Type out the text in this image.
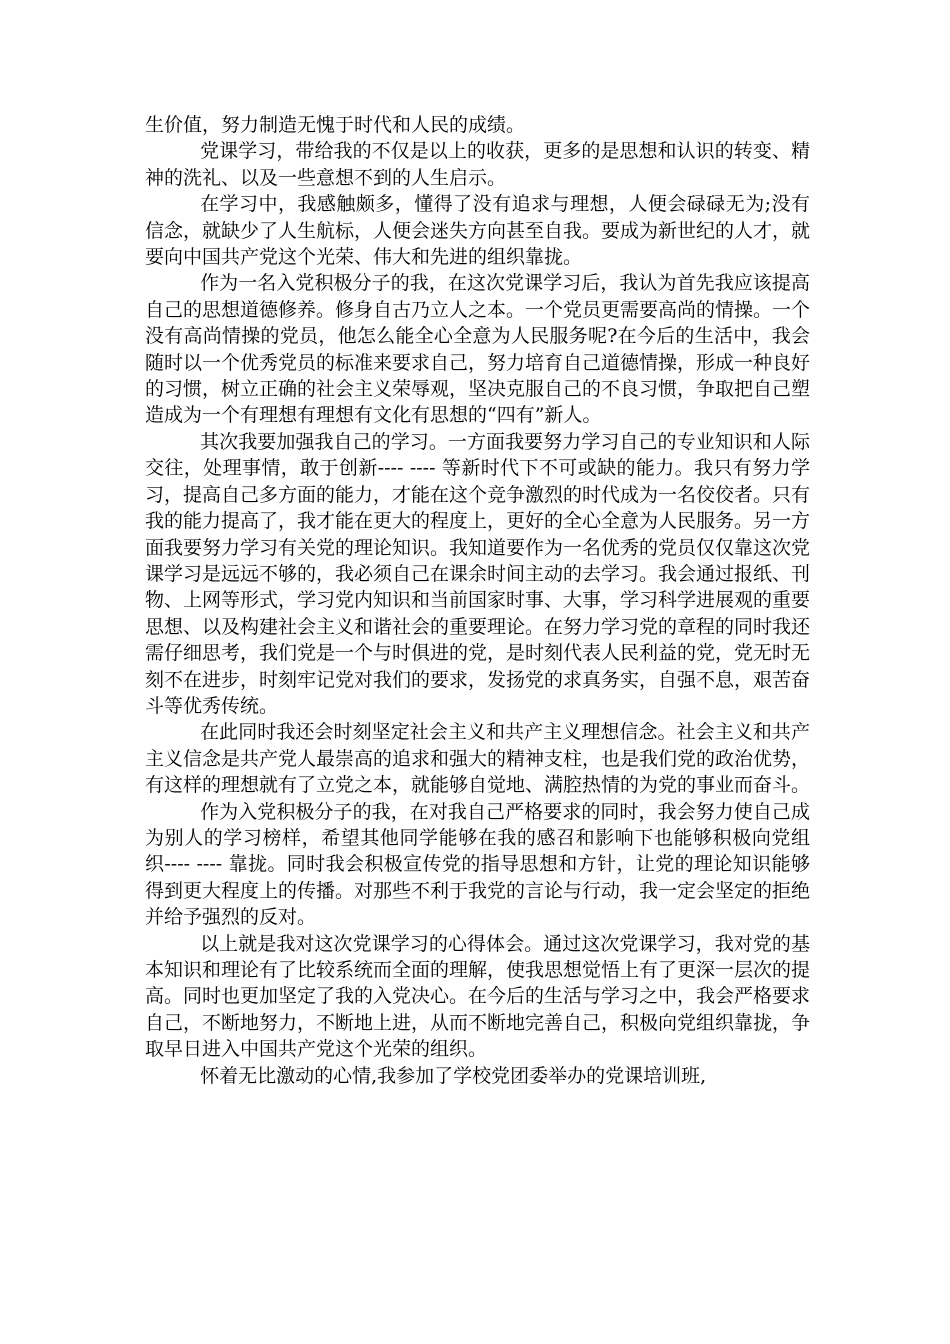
生价值，努力制造无愧于时代和人民的成绩。

党课学习，带给我的不仅是以上的收获，更多的是思想和认识的转变、精神的洗礼、以及一些意想不到的人生启示。

在学习中，我感触颇多，懂得了没有追求与理想，人便会碌碌无为;没有信念，就缺少了人生航标，人便会迷失方向甚至自我。要成为新世纪的人才，就要向中国共产党这个光荣、伟大和先进的组织靠拢。

作为一名入党积极分子的我，在这次党课学习后，我认为首先我应该提高自己的思想道德修养。修身自古乃立人之本。一个党员更需要高尚的情操。一个没有高尚情操的党员，他怎么能全心全意为人民服务呢?在今后的生活中，我会随时以一个优秀党员的标准来要求自己，努力培育自己道德情操，形成一种良好的习惯，树立正确的社会主义荣辱观，坚决克服自己的不良习惯，争取把自己塑造成为一个有理想有理想有文化有思想的“四有”新人。

其次我要加强我自己的学习。一方面我要努力学习自己的专业知识和人际交往，处理事情，敢于创新---- ---- 等新时代下不可或缺的能力。我只有努力学习，提高自己多方面的能力，才能在这个竞争激烈的时代成为一名佼佼者。只有我的能力提高了，我才能在更大的程度上，更好的全心全意为人民服务。另一方面我要努力学习有关党的理论知识。我知道要作为一名优秀的党员仅仅靠这次党课学习是远远不够的，我必须自己在课余时间主动的去学习。我会通过报纸、刊物、上网等形式，学习党内知识和当前国家时事、大事，学习科学进展观的重要思想、以及构建社会主义和谐社会的重要理论。在努力学习党的章程的同时我还需仔细思考，我们党是一个与时俱进的党，是时刻代表人民利益的党，党无时无刻不在进步，时刻牢记党对我们的要求，发扬党的求真务实，自强不息，艰苦奋斗等优秀传统。

在此同时我还会时刻坚定社会主义和共产主义理想信念。社会主义和共产主义信念是共产党人最崇高的追求和强大的精神支柱，也是我们党的政治优势，有这样的理想就有了立党之本，就能够自觉地、满腔热情的为党的事业而奋斗。

作为入党积极分子的我，在对我自己严格要求的同时，我会努力使自己成为别人的学习榜样，希望其他同学能够在我的感召和影响下也能够积极向党组织---- ---- 靠拢。同时我会积极宣传党的指导思想和方针，让党的理论知识能够得到更大程度上的传播。对那些不利于我党的言论与行动，我一定会坚定的拒绝并给予强烈的反对。

以上就是我对这次党课学习的心得体会。通过这次党课学习，我对党的基本知识和理论有了比较系统而全面的理解，使我思想觉悟上有了更深一层次的提高。同时也更加坚定了我的入党决心。在今后的生活与学习之中，我会严格要求自己，不断地努力，不断地上进，从而不断地完善自己，积极向党组织靠拢，争取早日进入中国共产党这个光荣的组织。

怀着无比激动的心情,我参加了学校党团委举办的党课培训班,
